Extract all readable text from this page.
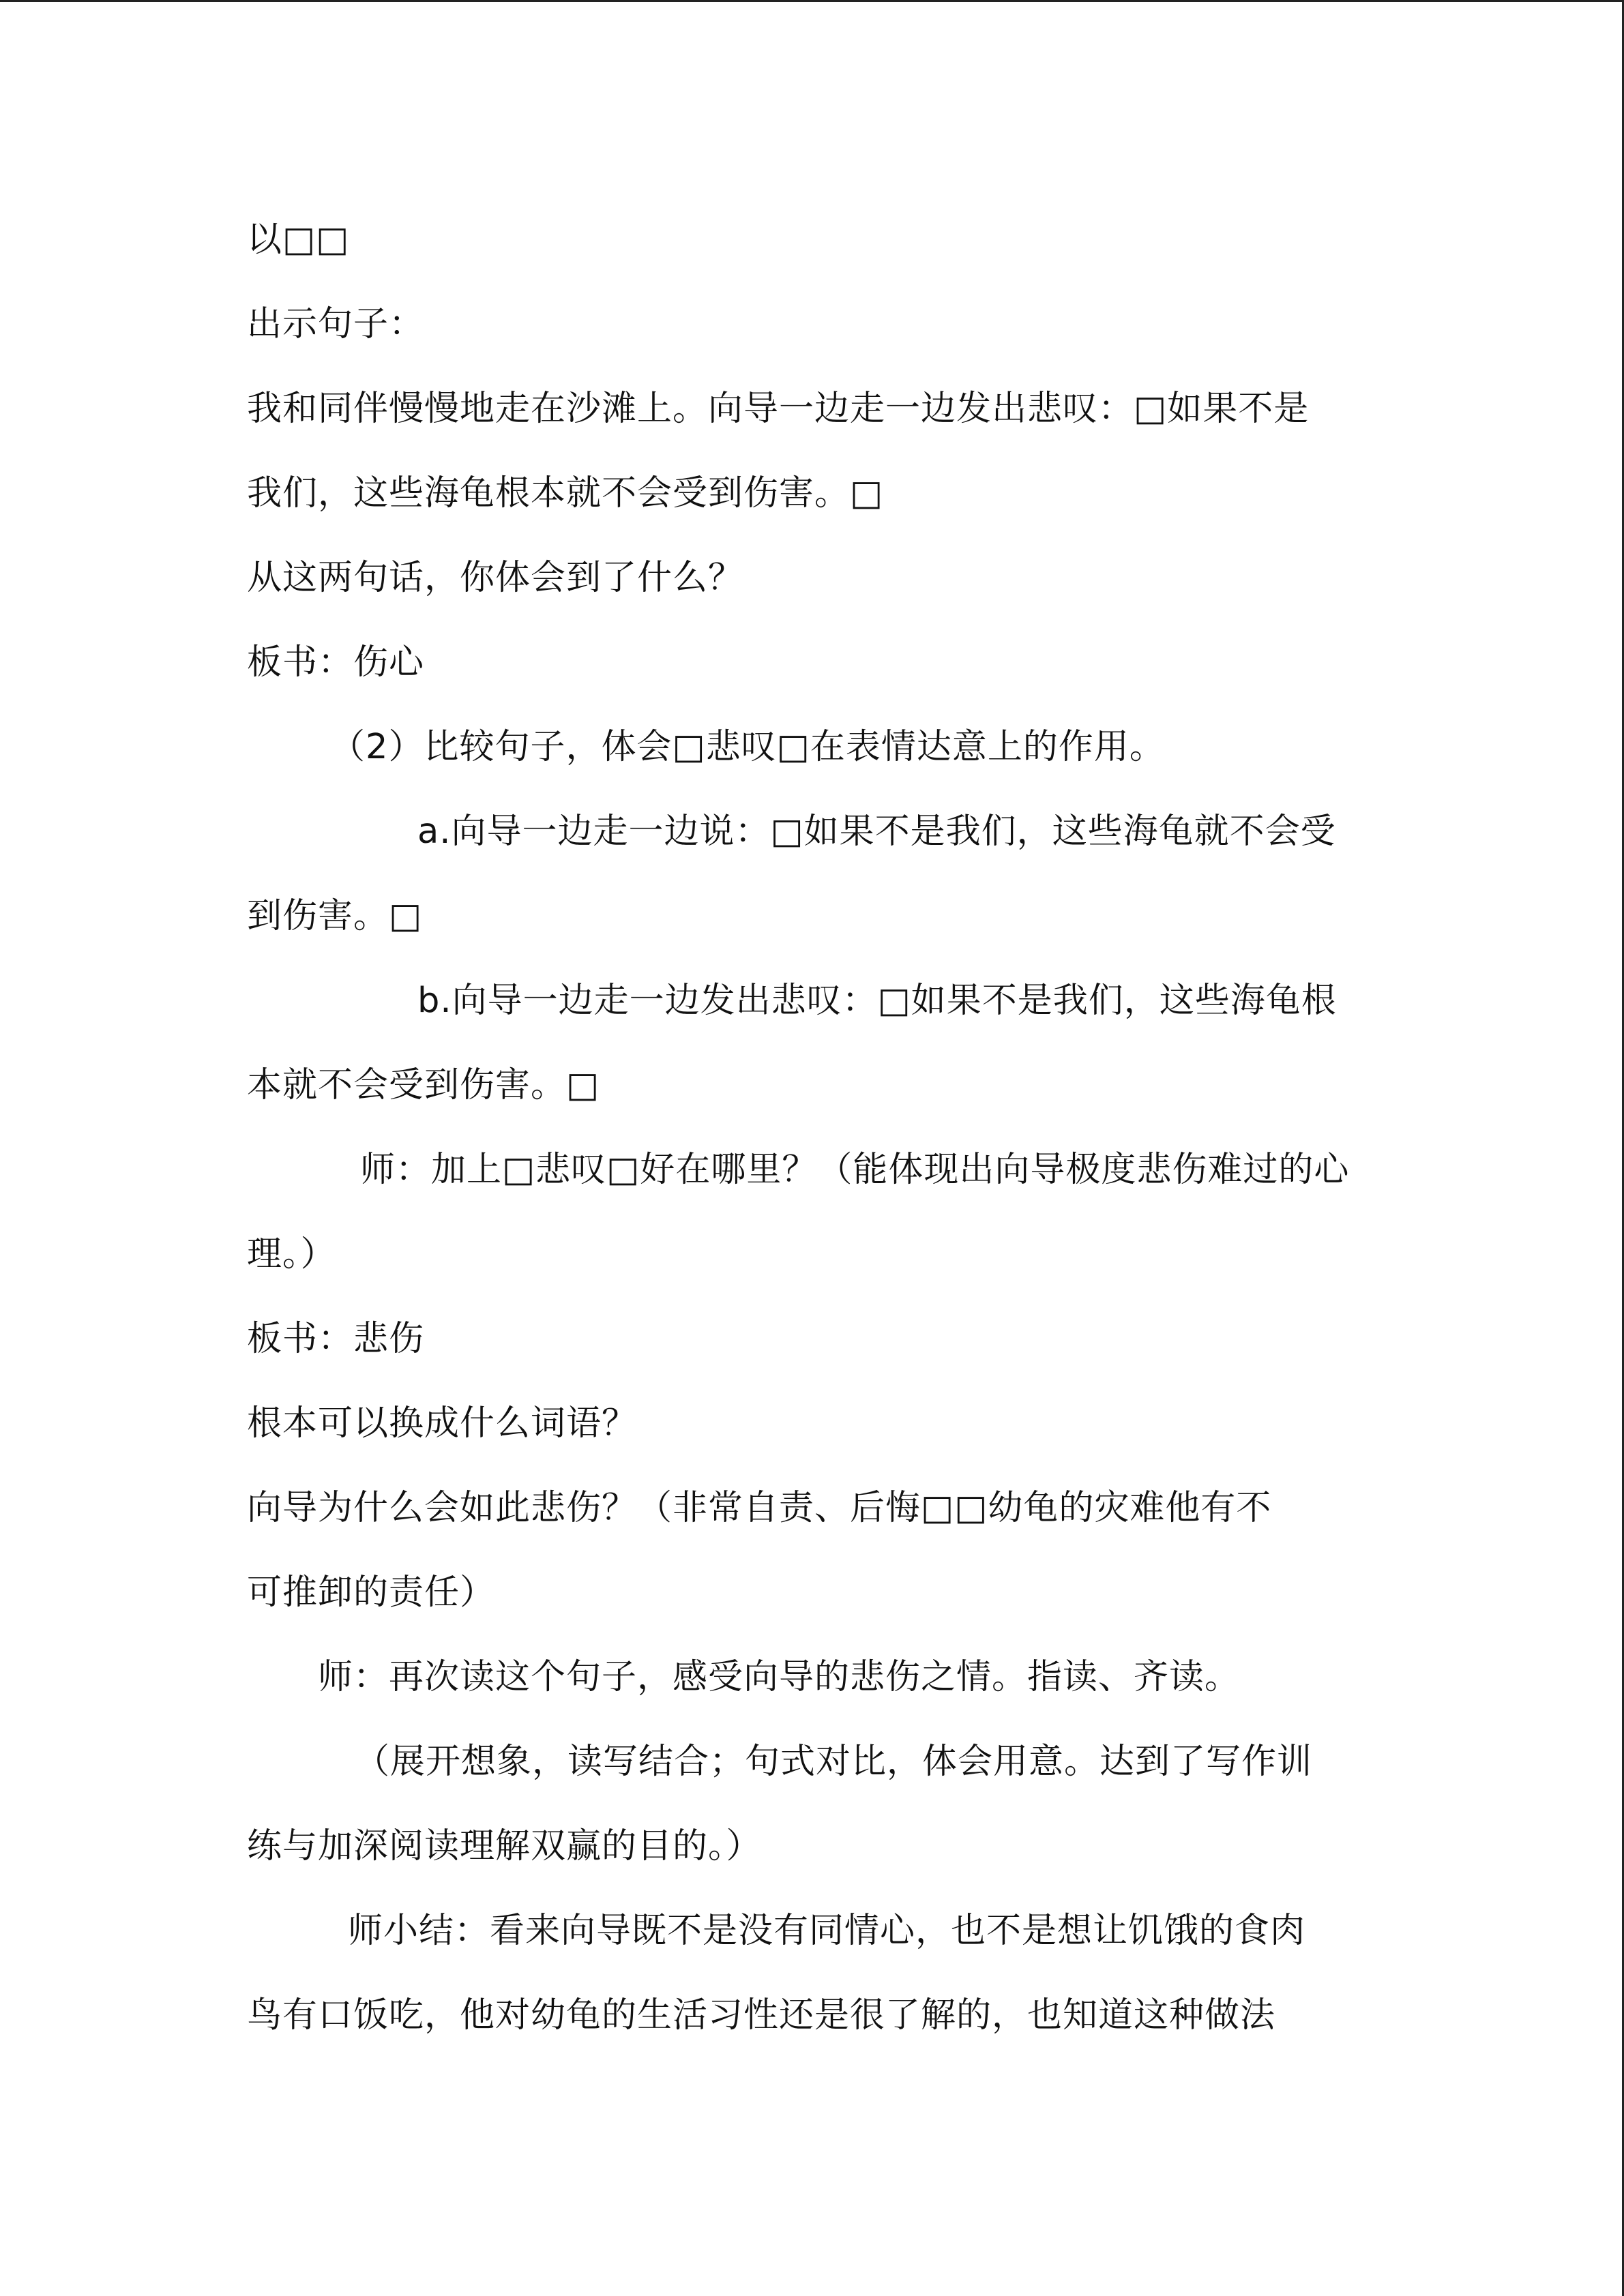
以□□
出示句子：
我和同伴慢慢地走在沙滩上。向导一边走一边发出悲叹：□如果不是
我们，这些海龟根本就不会受到伤害。□
从这两句话，你体会到了什么？
板书：伤心
（2）比较句子，体会□悲叹□在表情达意上的作用。
a.向导一边走一边说：□如果不是我们，这些海龟就不会受
到伤害。□
b.向导一边走一边发出悲叹：□如果不是我们，这些海龟根
本就不会受到伤害。□
师：加上□悲叹□好在哪里？（能体现出向导极度悲伤难过的心
理。）
板书：悲伤
根本可以换成什么词语？
向导为什么会如此悲伤？（非常自责、后悔□□幼龟的灾难他有不
可推卸的责任）
师：再次读这个句子，感受向导的悲伤之情。指读、齐读。
（展开想象，读写结合；句式对比，体会用意。达到了写作训
练与加深阅读理解双赢的目的。）
师小结：看来向导既不是没有同情心，也不是想让饥饿的食肉
鸟有口饭吃，他对幼龟的生活习性还是很了解的，也知道这种做法
